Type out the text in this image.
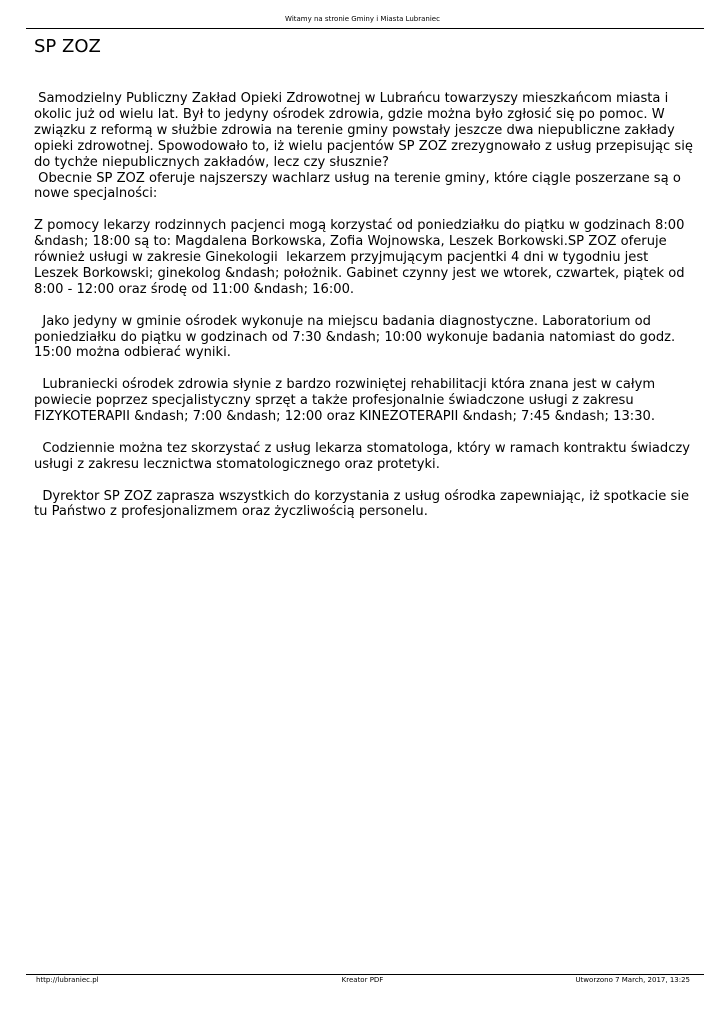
Witamy na stronie Gminy i Miasta Lubraniec
SP ZOZ

Samodzielny Publiczny Zakład Opieki Zdrowotnej w Lubrańcu towarzyszy mieszkańcom miasta i okolic już od wielu lat. Był to jedyny ośrodek zdrowia, gdzie można było zgłosić się po pomoc. W związku z reformą w służbie zdrowia na terenie gminy powstały jeszcze dwa niepubliczne zakłady opieki zdrowotnej. Spowodowało to, iż wielu pacjentów SP ZOZ zrezygnowało z usług przepisując się do tychże niepublicznych zakładów, lecz czy słusznie?

Obecnie SP ZOZ oferuje najszerszy wachlarz usług na terenie gminy, które ciągle poszerzane są o nowe specjalności:

Z pomocy lekarzy rodzinnych pacjenci mogą korzystać od poniedziałku do piątku w godzinach 8:00 &ndash; 18:00 są to: Magdalena Borkowska, Zofia Wojnowska, Leszek Borkowski.SP ZOZ oferuje również usługi w zakresie Ginekologii  lekarzem przyjmującym pacjentki 4 dni w tygodniu jest Leszek Borkowski; ginekolog &ndash; położnik. Gabinet czynny jest we wtorek, czwartek, piątek od 8:00 - 12:00 oraz środę od 11:00 &ndash; 16:00.

Jako jedyny w gminie ośrodek wykonuje na miejscu badania diagnostyczne. Laboratorium od poniedziałku do piątku w godzinach od 7:30 &ndash; 10:00 wykonuje badania natomiast do godz. 15:00 można odbierać wyniki.

Lubraniecki ośrodek zdrowia słynie z bardzo rozwiniętej rehabilitacji która znana jest w całym powiecie poprzez specjalistyczny sprzęt a także profesjonalnie świadczone usługi z zakresu FIZYKOTERAPII &ndash; 7:00 &ndash; 12:00 oraz KINEZOTERAPII &ndash; 7:45 &ndash; 13:30.

Codziennie można tez skorzystać z usług lekarza stomatologa, który w ramach kontraktu świadczy usługi z zakresu lecznictwa stomatologicznego oraz protetyki.

Dyrektor SP ZOZ zaprasza wszystkich do korzystania z usług ośrodka zapewniając, iż spotkacie sie tu Państwo z profesjonalizmem oraz życzliwością personelu.

http://lubraniec.pl	Kreator PDF	Utworzono 7 March, 2017, 13:25
